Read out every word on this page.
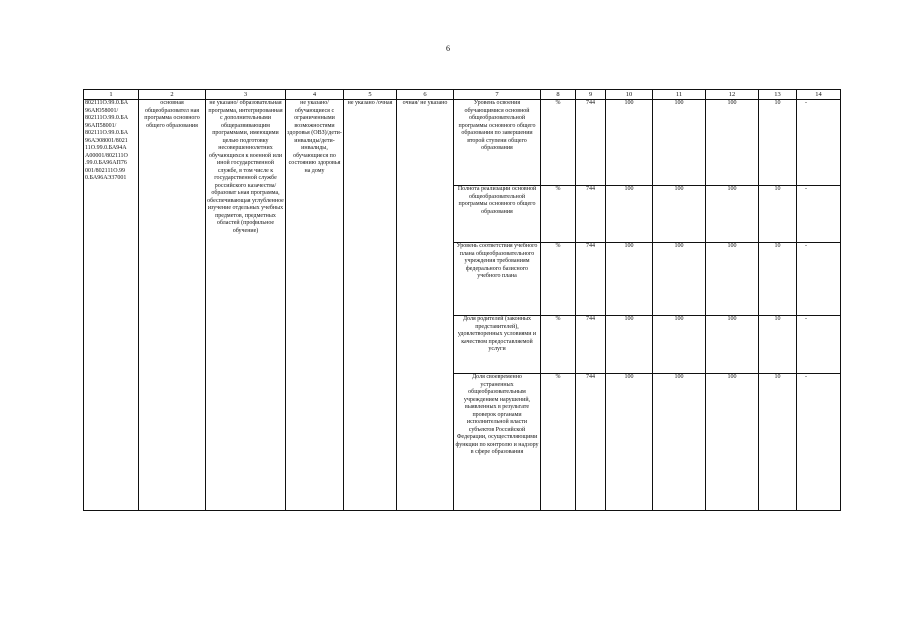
6
1	2	3	4	5	6	7	8	9	10	11	12	13	14
802111О.99.0.БА 96АЮ58001/ 802111О.99.0.БА 96АП58001/ 802111О.99.0.БА 96АЭ08001/8021 11О.99.0.БА94А А00001/802111О .99.0.БА96АП76 001/802111О.99 0.БА96АЭ37001	основная общеобразовател ная программа основного общего образования	не указано/ образовательная программа, интегрированная с дополнительными общеразвивающим программами, имеющими целью подготовку несовершеннолетних обучающихся к военной или иной государственной службе, в том числе к государственной службе российского казачества/образоват ьная программа, обеспечивающая углубленное изучение отдельных учебных предметов, предметных областей (профильное обучение)	не указано/ обучающиеся с ограниченными возможностями здоровья (ОВЗ)/дети-инвалиды/дети-инвалиды, обучающиеся по состоянию здоровья на дому	не указано /очная	очная/ не указано	Уровень освоения обучающимися основной общеобразовательной программы основного общего образования по завершении второй ступени общего образования	%	744	100	100	100	10	-
						Полнота реализации основной общеобразовательной программы основного общего образования	%	744	100	100	100	10	-
						Уровень соответствия учебного плана общеобразовательного учреждения требованиям федерального базисного учебного плана	%	744	100	100	100	10	-
						Доля родителей (законных представителей), удовлетворенных условиями и качеством предоставляемой услуги	%	744	100	100	100	10	-
						Доля своевременно устраненных общеобразовательным учреждением нарушений, выявленных в результате проверок органами исполнительной власти субъектов Российской Федерации, осуществляющими функции по контролю и надзору в сфере образования	%	744	100	100	100	10	-
